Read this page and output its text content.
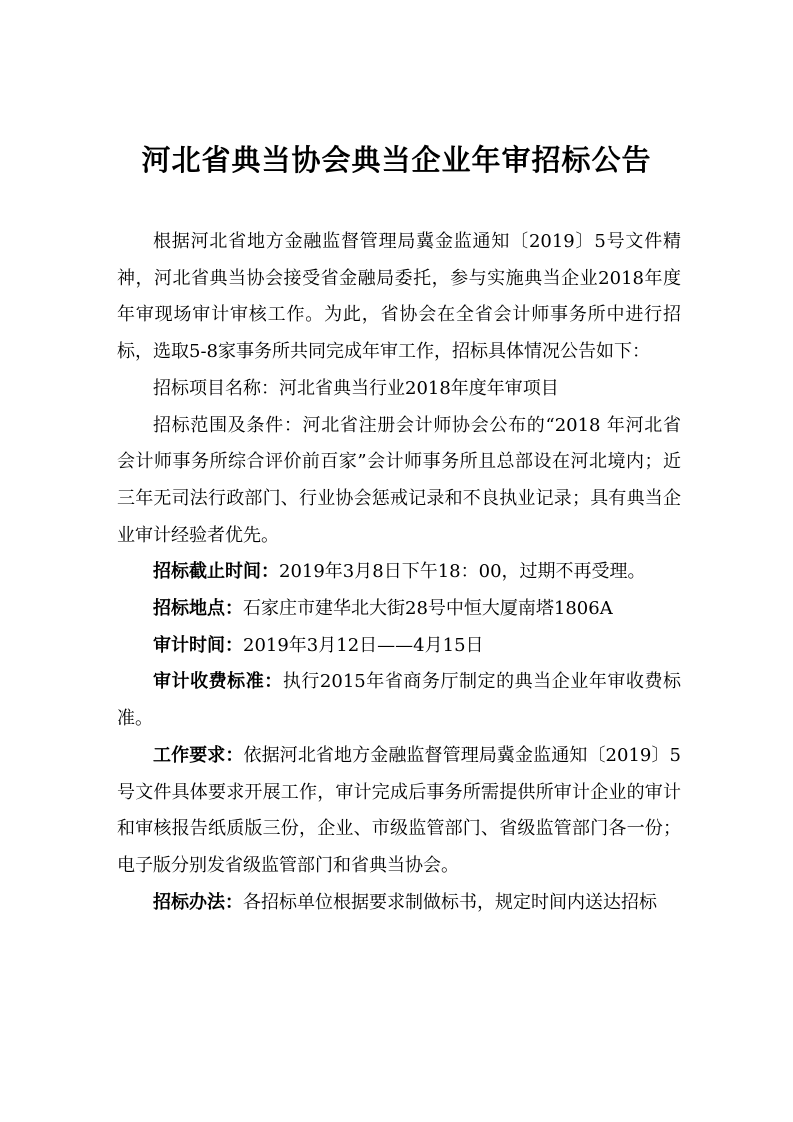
河北省典当协会典当企业年审招标公告

根据河北省地方金融监督管理局冀金监通知〔2019〕5号文件精神，河北省典当协会接受省金融局委托，参与实施典当企业2018年度年审现场审计审核工作。为此，省协会在全省会计师事务所中进行招标，选取5-8家事务所共同完成年审工作，招标具体情况公告如下：

招标项目名称：河北省典当行业2018年度年审项目

招标范围及条件：河北省注册会计师协会公布的“2018 年河北省会计师事务所综合评价前百家”会计师事务所且总部设在河北境内；近三年无司法行政部门、行业协会惩戒记录和不良执业记录；具有典当企业审计经验者优先。

招标截止时间：2019年3月8日下午18：00，过期不再受理。

招标地点：石家庄市建华北大街28号中恒大厦南塔1806A

审计时间：2019年3月12日——4月15日

审计收费标准：执行2015年省商务厅制定的典当企业年审收费标准。

工作要求：依据河北省地方金融监督管理局冀金监通知〔2019〕5号文件具体要求开展工作，审计完成后事务所需提供所审计企业的审计和审核报告纸质版三份，企业、市级监管部门、省级监管部门各一份；电子版分别发省级监管部门和省典当协会。

招标办法：各招标单位根据要求制做标书，规定时间内送达招标
